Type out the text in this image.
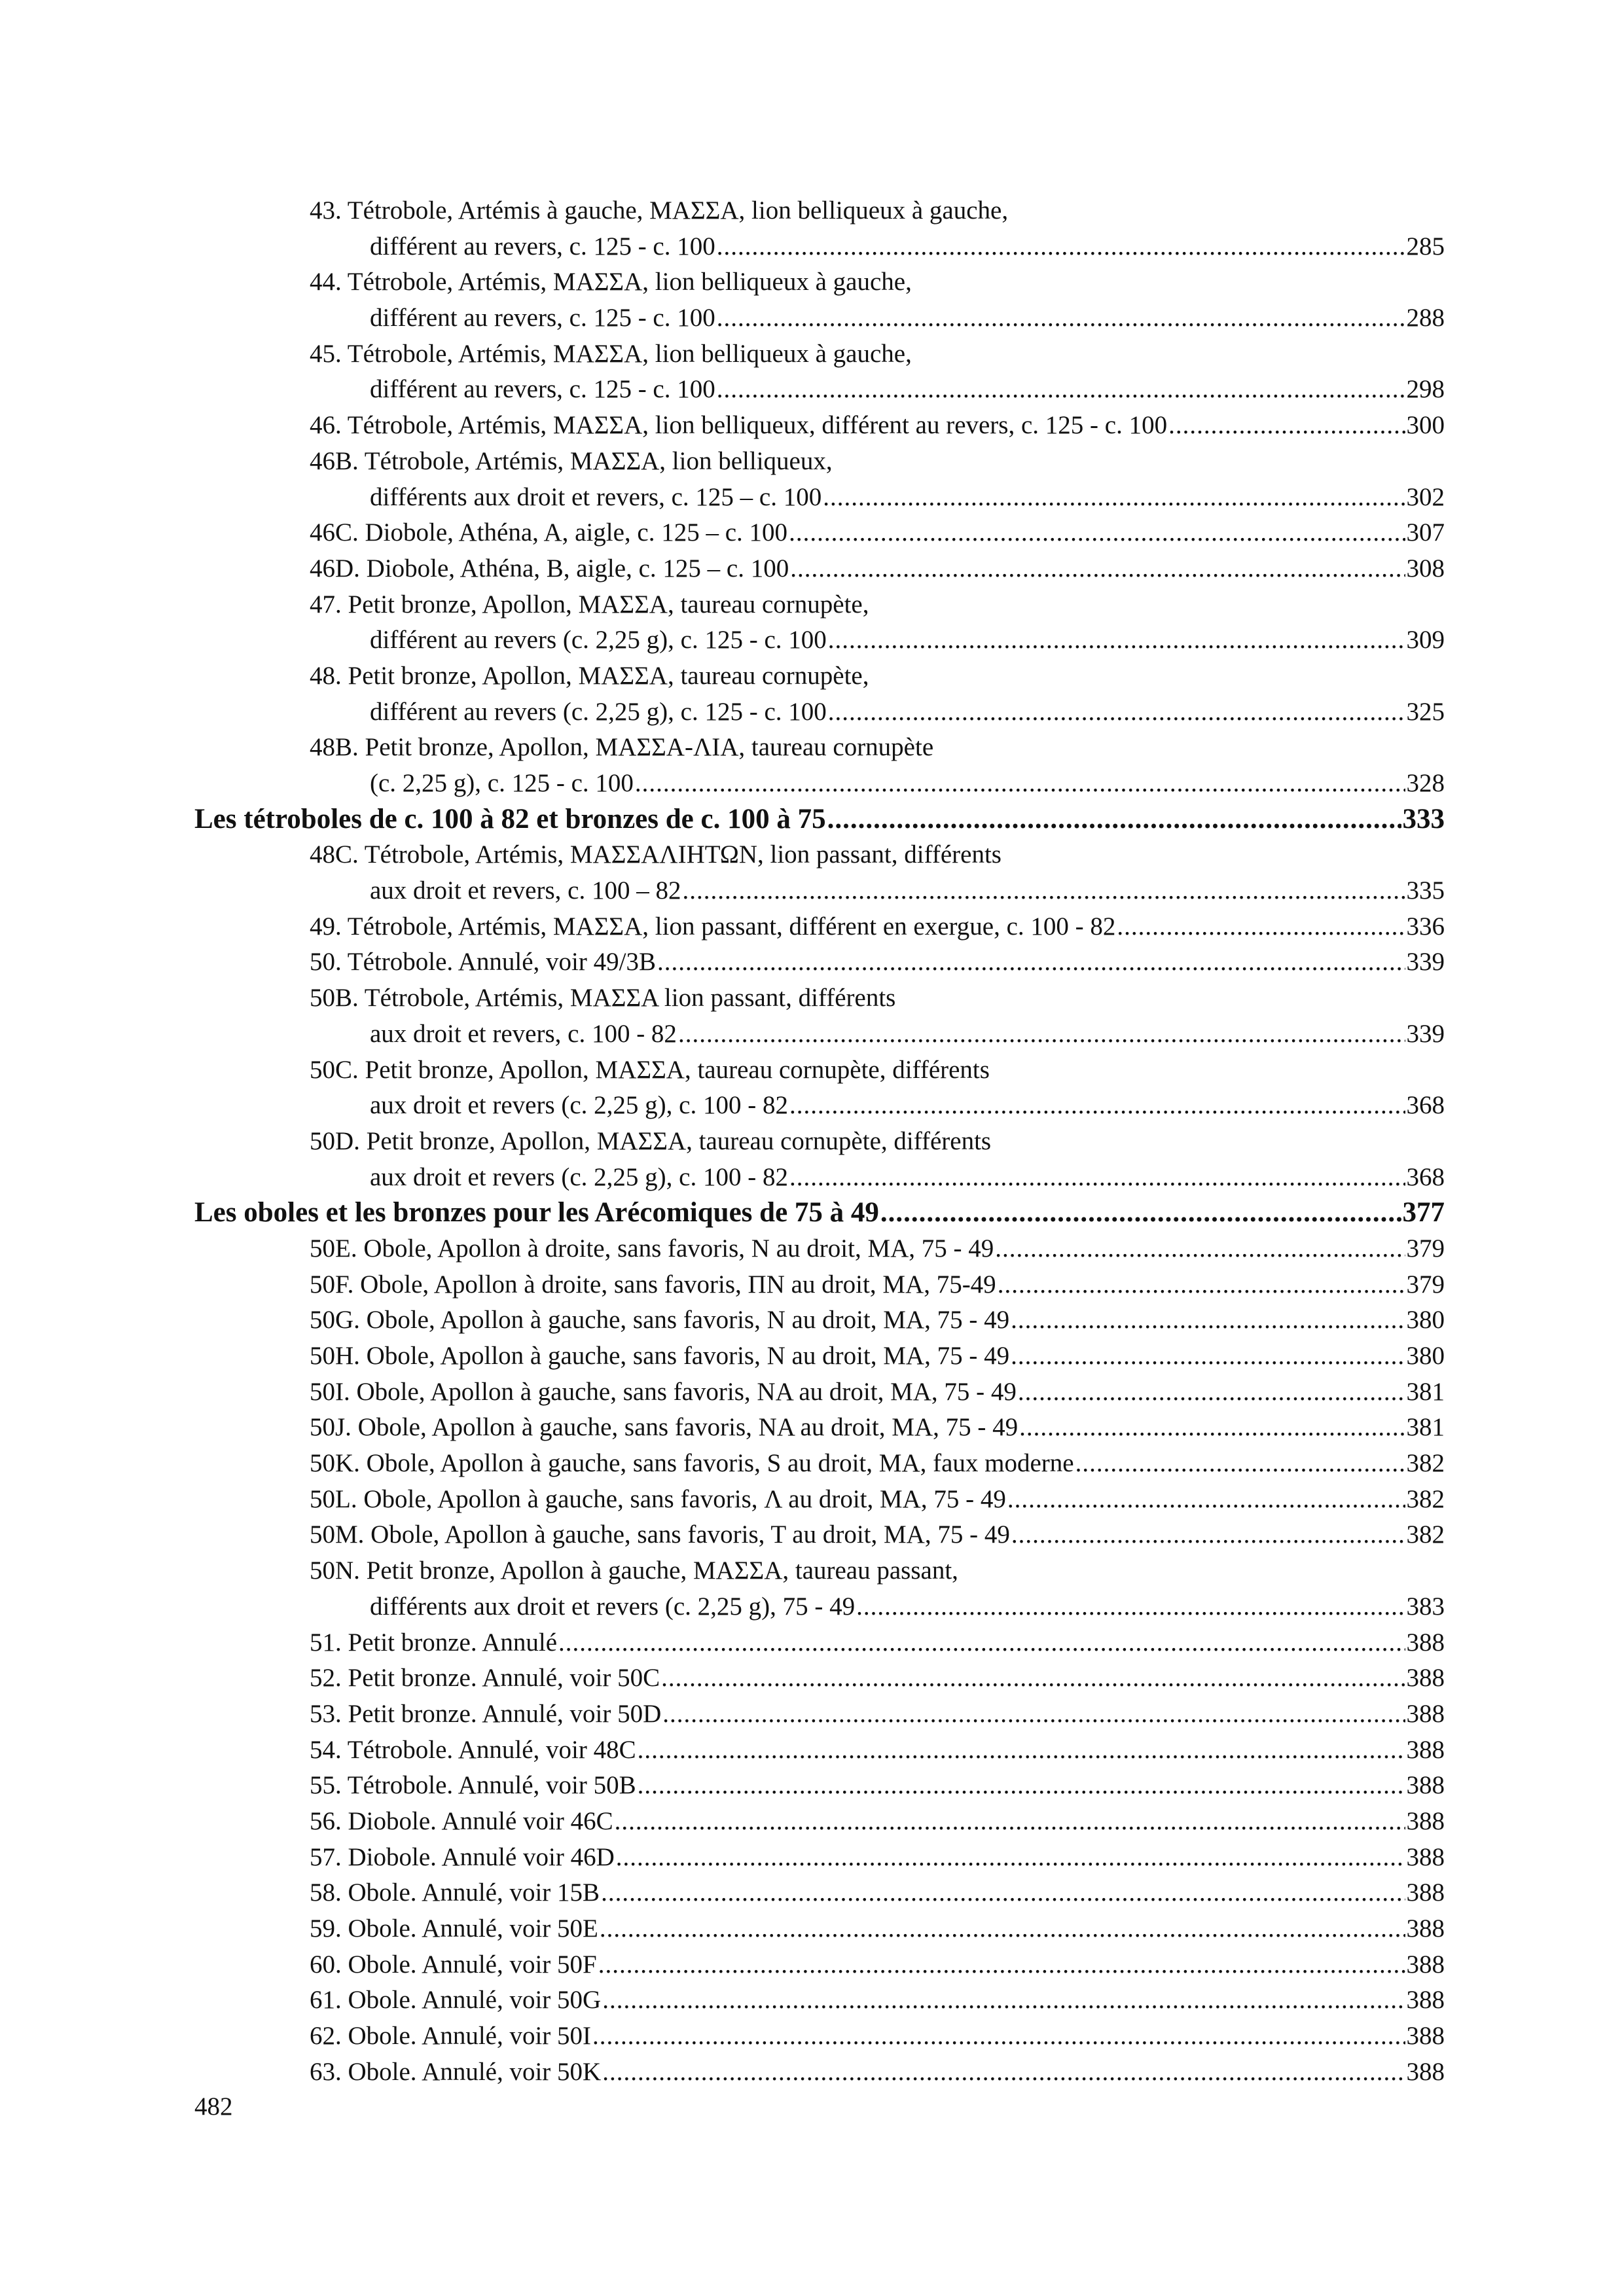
43. Tétrobole, Artémis à gauche, ΜΑΣΣΑ, lion belliqueux à gauche,
différent au revers, c. 125 - c. 100 .....	285
44. Tétrobole, Artémis, ΜΑΣΣΑ, lion belliqueux à gauche,
différent au revers, c. 125 - c. 100 .....	288
45. Tétrobole, Artémis, ΜΑΣΣΑ, lion belliqueux à gauche,
différent au revers, c. 125 - c. 100 .....	298
46. Tétrobole, Artémis, ΜΑΣΣΑ, lion belliqueux, différent au revers, c. 125 - c. 100 .....	300
46B. Tétrobole, Artémis, ΜΑΣΣΑ, lion belliqueux,
différents aux droit et revers, c. 125 – c. 100 .....	302
46C. Diobole, Athéna, A, aigle, c. 125 – c. 100 .....	307
46D. Diobole, Athéna, B, aigle, c. 125 – c. 100 .....	308
47. Petit bronze, Apollon, ΜΑΣΣΑ, taureau cornupète,
différent au revers (c. 2,25 g), c. 125 - c. 100 .....	309
48. Petit bronze, Apollon, ΜΑΣΣΑ, taureau cornupète,
différent au revers (c. 2,25 g), c. 125 - c. 100 .....	325
48B. Petit bronze, Apollon, ΜΑΣΣΑ-ΛΙΑ, taureau cornupète
(c. 2,25 g), c. 125 - c. 100 .....	328
Les tétroboles de c. 100 à 82 et bronzes de c. 100 à 75 .....	333
48C. Tétrobole, Artémis, ΜΑΣΣΑΛΙΗΤΩΝ, lion passant, différents
aux droit et revers, c. 100 – 82 .....	335
49. Tétrobole, Artémis, ΜΑΣΣΑ, lion passant, différent en exergue, c. 100 - 82 .....	336
50. Tétrobole. Annulé, voir 49/3B .....	339
50B. Tétrobole, Artémis, ΜΑΣΣΑ lion passant, différents
aux droit et revers, c. 100 - 82 .....	339
50C. Petit bronze, Apollon, ΜΑΣΣΑ, taureau cornupète, différents
aux droit et revers (c. 2,25 g), c. 100 - 82 .....	368
50D. Petit bronze, Apollon, ΜΑΣΣΑ, taureau cornupète, différents
aux droit et revers (c. 2,25 g), c. 100 - 82 .....	368
Les oboles et les bronzes pour les Arécomiques de 75 à 49 .....	377
50E. Obole, Apollon à droite, sans favoris, N au droit, MA, 75 - 49 .....	379
50F. Obole, Apollon à droite, sans favoris, ΠΝ au droit, MA, 75-49 .....	379
50G. Obole, Apollon à gauche, sans favoris, N au droit, MA, 75 - 49 .....	380
50H. Obole, Apollon à gauche, sans favoris, N au droit, MA, 75 - 49 .....	380
50I. Obole, Apollon à gauche, sans favoris, NA au droit, MA, 75 - 49 .....	381
50J. Obole, Apollon à gauche, sans favoris, NA au droit, MA, 75 - 49 .....	381
50K. Obole, Apollon à gauche, sans favoris, S au droit, MA, faux moderne .....	382
50L. Obole, Apollon à gauche, sans favoris, Λ au droit, MA, 75 - 49 .....	382
50M. Obole, Apollon à gauche, sans favoris, T au droit, MA, 75 - 49 .....	382
50N. Petit bronze, Apollon à gauche, ΜΑΣΣΑ, taureau passant,
différents aux droit et revers (c. 2,25 g), 75 - 49 .....	383
51. Petit bronze. Annulé .....	388
52. Petit bronze. Annulé, voir 50C .....	388
53. Petit bronze. Annulé, voir 50D .....	388
54. Tétrobole. Annulé, voir 48C .....	388
55. Tétrobole. Annulé, voir 50B .....	388
56. Diobole. Annulé voir 46C .....	388
57. Diobole. Annulé voir 46D .....	388
58. Obole. Annulé, voir 15B .....	388
59. Obole. Annulé, voir 50E .....	388
60. Obole. Annulé, voir 50F .....	388
61. Obole. Annulé, voir 50G .....	388
62. Obole. Annulé, voir 50I .....	388
63. Obole. Annulé, voir 50K .....	388
482
